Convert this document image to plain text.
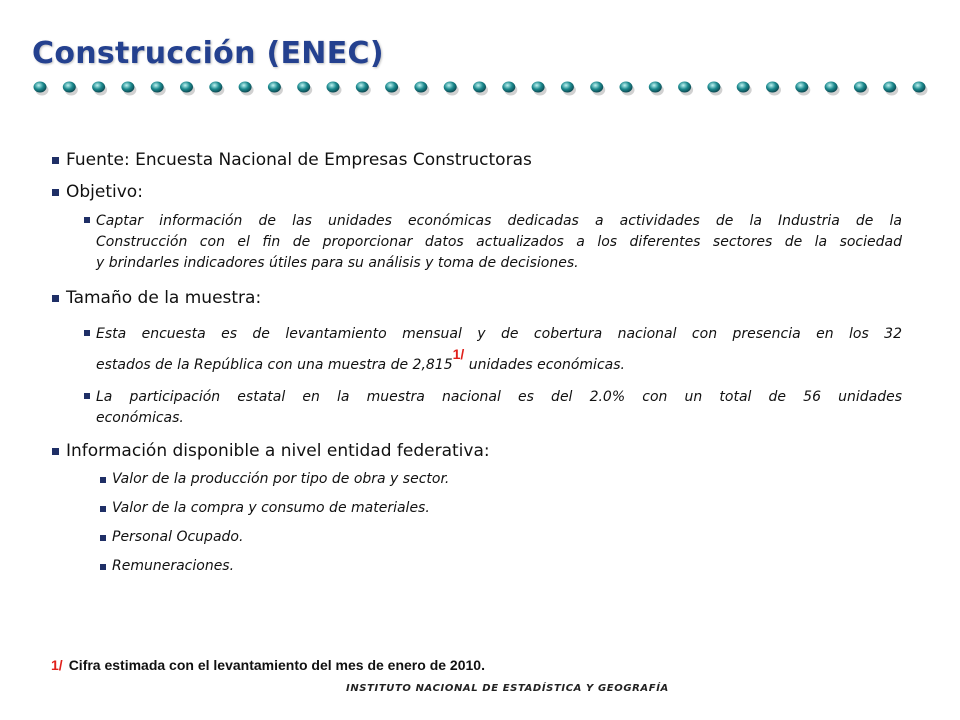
Construcción (ENEC)
Fuente: Encuesta Nacional de Empresas Constructoras
Objetivo:
Captar información de las unidades económicas dedicadas a actividades de la Industria de la
Construcción con el fin de proporcionar datos actualizados a los diferentes sectores de la sociedad
y brindarles indicadores útiles para su análisis y toma de decisiones.
Tamaño de la muestra:
Esta encuesta es de levantamiento mensual y de cobertura nacional con presencia en los 32
estados de la República con una muestra de 2,8151/ unidades económicas.
La participación estatal en la muestra nacional es del 2.0% con un total de 56 unidades
económicas.
Información disponible a nivel entidad federativa:
Valor de la producción por tipo de obra y sector.
Valor de la compra y consumo de materiales.
Personal Ocupado.
Remuneraciones.
1/ Cifra estimada con el levantamiento del mes de enero de 2010.
INSTITUTO NACIONAL DE ESTADÍSTICA Y GEOGRAFÍA
